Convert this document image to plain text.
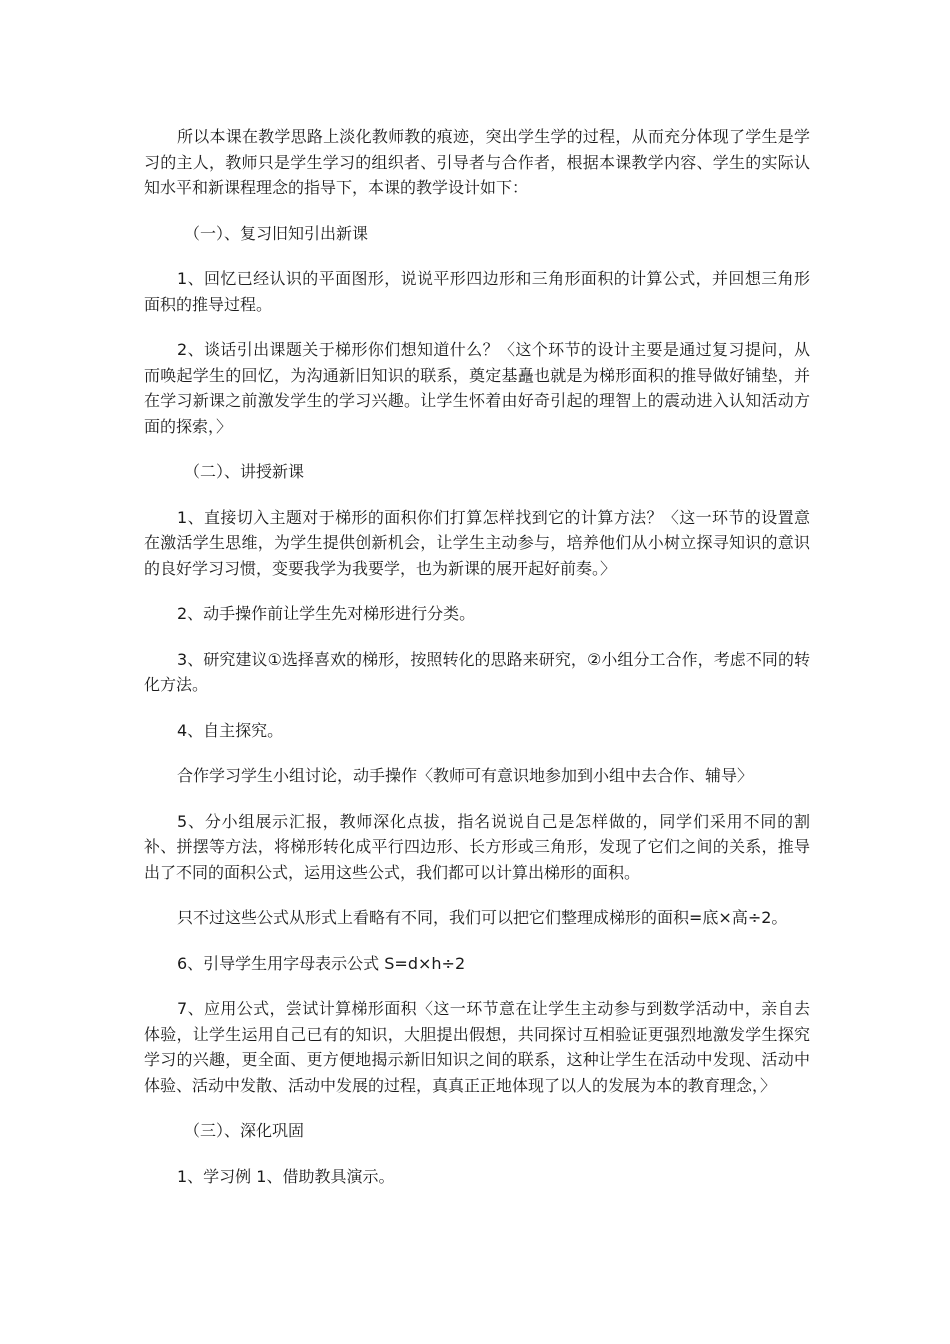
所以本课在教学思路上淡化教师教的痕迹，突出学生学的过程，从而充分体现了学生是学习的主人，教师只是学生学习的组织者、引导者与合作者，根据本课教学内容、学生的实际认知水平和新课程理念的指导下，本课的教学设计如下：

（一）、复习旧知引出新课

1、回忆已经认识的平面图形，说说平形四边形和三角形面积的计算公式，并回想三角形面积的推导过程。

2、谈话引出课题关于梯形你们想知道什么？〈这个环节的设计主要是通过复习提问，从而唤起学生的回忆，为沟通新旧知识的联系，奠定基矗也就是为梯形面积的推导做好铺垫，并在学习新课之前激发学生的学习兴趣。让学生怀着由好奇引起的理智上的震动进入认知活动方面的探索，〉

（二）、讲授新课

1、直接切入主题对于梯形的面积你们打算怎样找到它的计算方法？〈这一环节的设置意在激活学生思维，为学生提供创新机会，让学生主动参与，培养他们从小树立探寻知识的意识的良好学习习惯，变要我学为我要学，也为新课的展开起好前奏。〉

2、动手操作前让学生先对梯形进行分类。

3、研究建议①选择喜欢的梯形，按照转化的思路来研究，②小组分工合作，考虑不同的转化方法。

4、自主探究。

合作学习学生小组讨论，动手操作〈教师可有意识地参加到小组中去合作、辅导〉

5、分小组展示汇报，教师深化点拔，指名说说自己是怎样做的，同学们采用不同的割补、拼摆等方法，将梯形转化成平行四边形、长方形或三角形，发现了它们之间的关系，推导出了不同的面积公式，运用这些公式，我们都可以计算出梯形的面积。

只不过这些公式从形式上看略有不同，我们可以把它们整理成梯形的面积=底×高÷2。

6、引导学生用字母表示公式 S=d×h÷2

7、应用公式，尝试计算梯形面积〈这一环节意在让学生主动参与到数学活动中，亲自去体验，让学生运用自己已有的知识，大胆提出假想，共同探讨互相验证更强烈地激发学生探究学习的兴趣，更全面、更方便地揭示新旧知识之间的联系，这种让学生在活动中发现、活动中体验、活动中发散、活动中发展的过程，真真正正地体现了以人的发展为本的教育理念，〉

（三）、深化巩固

1、学习例 1、借助教具演示。
